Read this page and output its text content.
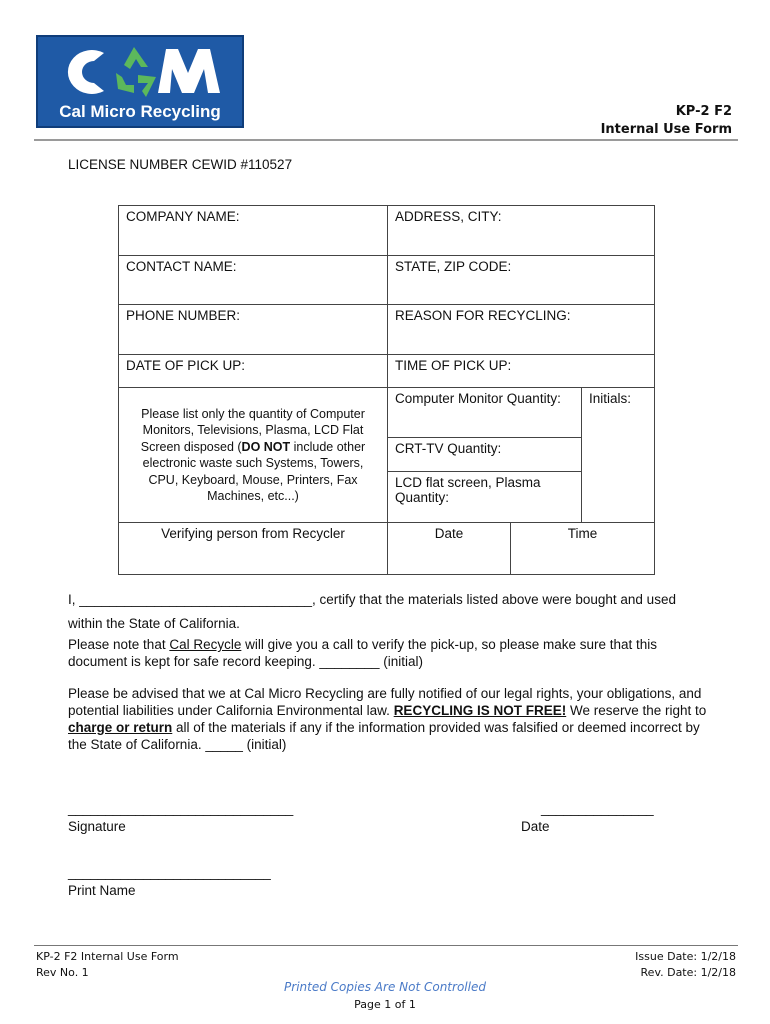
Cal Micro Recycling	KP-2 F2
Internal Use Form
LICENSE NUMBER CEWID #110527
COMPANY NAME:	ADDRESS, CITY:		
CONTACT NAME:	STATE, ZIP CODE:		
PHONE NUMBER:	REASON FOR RECYCLING:		
DATE OF PICK UP:	TIME OF PICK UP:		
Please list only the quantity of Computer Monitors, Televisions, Plasma, LCD Flat Screen disposed (DO NOT include other electronic waste such Systems, Towers, CPU, Keyboard, Mouse, Printers, Fax Machines, etc...)	Computer Monitor Quantity:		Initials:
	CRT-TV Quantity:		
	LCD flat screen, Plasma Quantity:		
Verifying person from Recycler	Date	Time	
I, _______________________________, certify that the materials listed above were bought and used
within the State of California.
Please note that Cal Recycle will give you a call to verify the pick-up, so please make sure that this document is kept for safe record keeping. ________ (initial)
Please be advised that we at Cal Micro Recycling are fully notified of our legal rights, your obligations, and potential liabilities under California Environmental law. RECYCLING IS NOT FREE! We reserve the right to charge or return all of the materials if any if the information provided was falsified or deemed incorrect by the State of California. _____ (initial)
______________________________
Signature
_______________
Date
___________________________
Print Name
KP-2 F2 Internal Use Form
Rev No. 1
Issue Date: 1/2/18
Rev. Date: 1/2/18
Printed Copies Are Not Controlled
Page 1 of 1
